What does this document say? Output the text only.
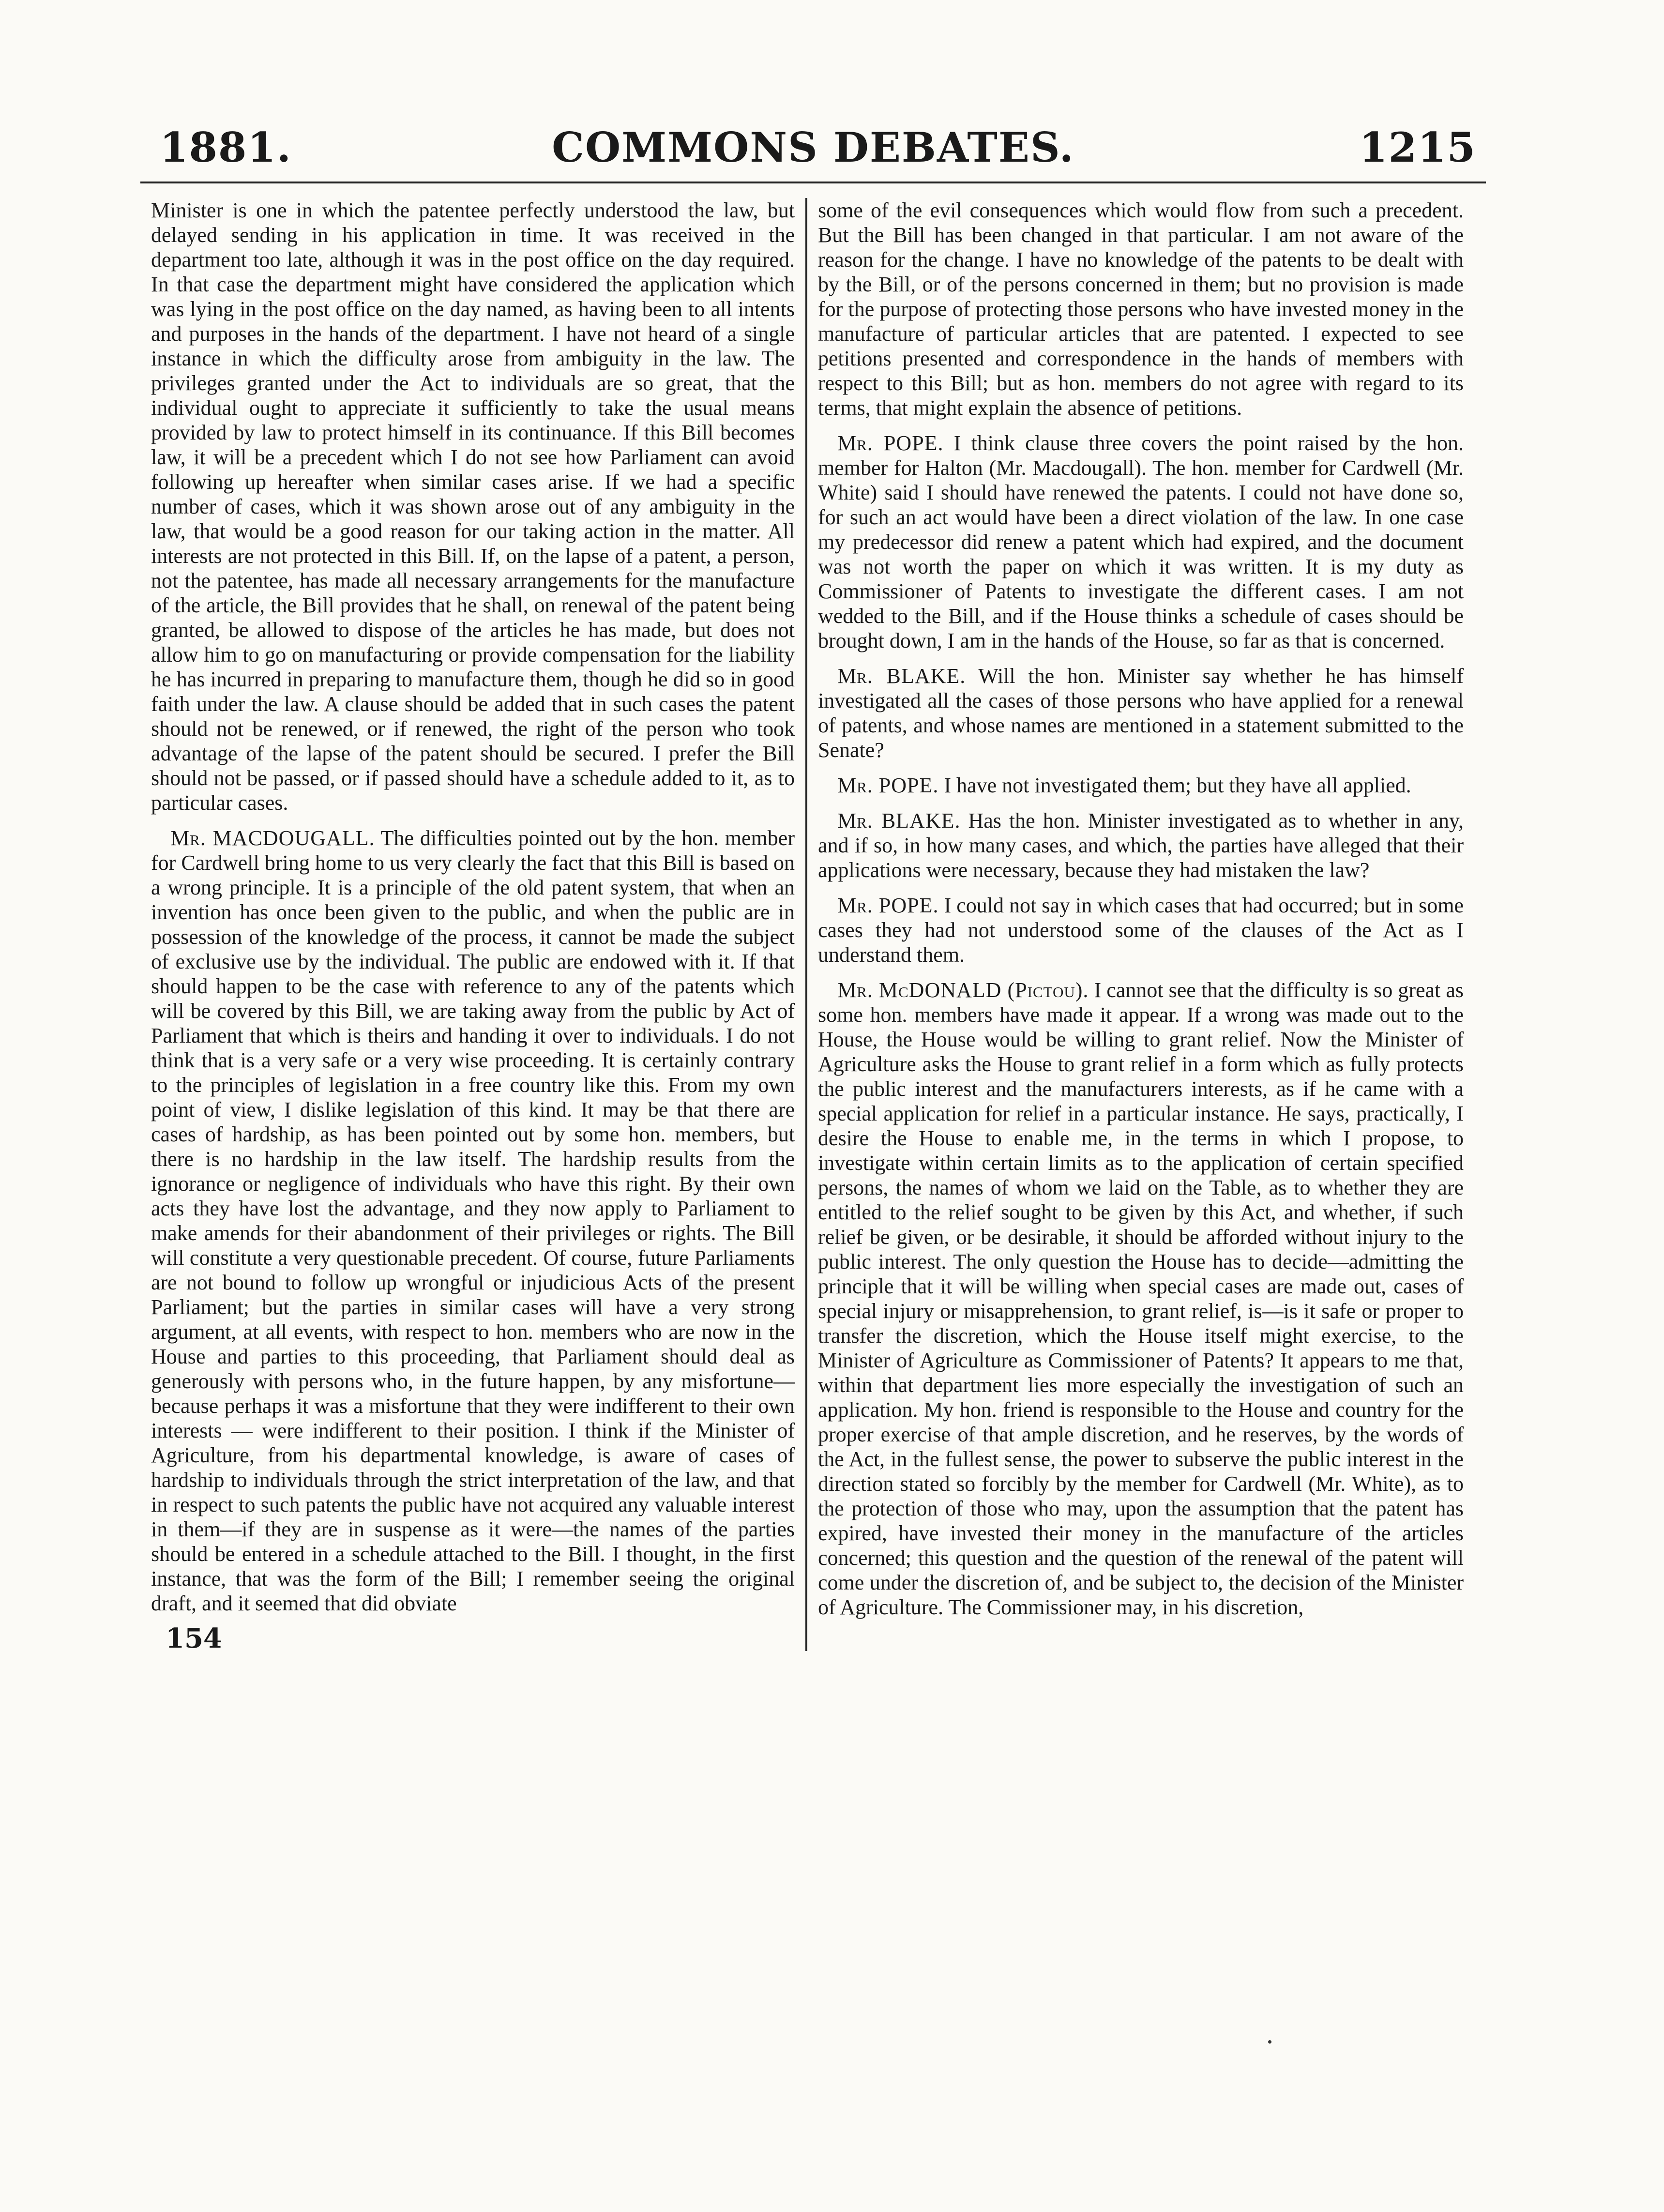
1881.	COMMONS DEBATES.	1215

Minister is one in which the patentee perfectly understood the law, but delayed sending in his application in time. It was received in the department too late, although it was in the post office on the day required. In that case the department might have considered the application which was lying in the post office on the day named, as having been to all intents and purposes in the hands of the department. I have not heard of a single instance in which the difficulty arose from ambiguity in the law. The privileges granted under the Act to individuals are so great, that the individual ought to appreciate it sufficiently to take the usual means provided by law to protect himself in its continuance. If this Bill becomes law, it will be a precedent which I do not see how Parliament can avoid following up hereafter when similar cases arise. If we had a specific number of cases, which it was shown arose out of any ambiguity in the law, that would be a good reason for our taking action in the matter. All interests are not protected in this Bill. If, on the lapse of a patent, a person, not the patentee, has made all necessary arrangements for the manufacture of the article, the Bill provides that he shall, on renewal of the patent being granted, be allowed to dispose of the articles he has made, but does not allow him to go on manufacturing or provide compensation for the liability he has incurred in preparing to manufacture them, though he did so in good faith under the law. A clause should be added that in such cases the patent should not be renewed, or if renewed, the right of the person who took advantage of the lapse of the patent should be secured. I prefer the Bill should not be passed, or if passed should have a schedule added to it, as to particular cases.

Mr. MACDOUGALL. The difficulties pointed out by the hon. member for Cardwell bring home to us very clearly the fact that this Bill is based on a wrong principle. It is a principle of the old patent system, that when an invention has once been given to the public, and when the public are in possession of the knowledge of the process, it cannot be made the subject of exclusive use by the individual. The public are endowed with it. If that should happen to be the case with reference to any of the patents which will be covered by this Bill, we are taking away from the public by Act of Parliament that which is theirs and handing it over to individuals. I do not think that is a very safe or a very wise proceeding. It is certainly contrary to the principles of legislation in a free country like this. From my own point of view, I dislike legislation of this kind. It may be that there are cases of hardship, as has been pointed out by some hon. members, but there is no hardship in the law itself. The hardship results from the ignorance or negligence of individuals who have this right. By their own acts they have lost the advantage, and they now apply to Parliament to make amends for their abandonment of their privileges or rights. The Bill will constitute a very questionable precedent. Of course, future Parliaments are not bound to follow up wrongful or injudicious Acts of the present Parliament; but the parties in similar cases will have a very strong argument, at all events, with respect to hon. members who are now in the House and parties to this proceeding, that Parliament should deal as generously with persons who, in the future happen, by any misfortune—because perhaps it was a misfortune that they were indifferent to their own interests — were indifferent to their position. I think if the Minister of Agriculture, from his departmental knowledge, is aware of cases of hardship to individuals through the strict interpretation of the law, and that in respect to such patents the public have not acquired any valuable interest in them—if they are in suspense as it were—the names of the parties should be entered in a schedule attached to the Bill. I thought, in the first instance, that was the form of the Bill; I remember seeing the original draft, and it seemed that did obviate

154

some of the evil consequences which would flow from such a precedent. But the Bill has been changed in that particular. I am not aware of the reason for the change. I have no knowledge of the patents to be dealt with by the Bill, or of the persons concerned in them; but no provision is made for the purpose of protecting those persons who have invested money in the manufacture of particular articles that are patented. I expected to see petitions presented and correspondence in the hands of members with respect to this Bill; but as hon. members do not agree with regard to its terms, that might explain the absence of petitions.

Mr. POPE. I think clause three covers the point raised by the hon. member for Halton (Mr. Macdougall). The hon. member for Cardwell (Mr. White) said I should have renewed the patents. I could not have done so, for such an act would have been a direct violation of the law. In one case my predecessor did renew a patent which had expired, and the document was not worth the paper on which it was written. It is my duty as Commissioner of Patents to investigate the different cases. I am not wedded to the Bill, and if the House thinks a schedule of cases should be brought down, I am in the hands of the House, so far as that is concerned.

Mr. BLAKE. Will the hon. Minister say whether he has himself investigated all the cases of those persons who have applied for a renewal of patents, and whose names are mentioned in a statement submitted to the Senate?

Mr. POPE. I have not investigated them; but they have all applied.

Mr. BLAKE. Has the hon. Minister investigated as to whether in any, and if so, in how many cases, and which, the parties have alleged that their applications were necessary, because they had mistaken the law?

Mr. POPE. I could not say in which cases that had occurred; but in some cases they had not understood some of the clauses of the Act as I understand them.

Mr. McDONALD (Pictou). I cannot see that the difficulty is so great as some hon. members have made it appear. If a wrong was made out to the House, the House would be willing to grant relief. Now the Minister of Agriculture asks the House to grant relief in a form which as fully protects the public interest and the manufacturers interests, as if he came with a special application for relief in a particular instance. He says, practically, I desire the House to enable me, in the terms in which I propose, to investigate within certain limits as to the application of certain specified persons, the names of whom we laid on the Table, as to whether they are entitled to the relief sought to be given by this Act, and whether, if such relief be given, or be desirable, it should be afforded without injury to the public interest. The only question the House has to decide—admitting the principle that it will be willing when special cases are made out, cases of special injury or misapprehension, to grant relief, is—is it safe or proper to transfer the discretion, which the House itself might exercise, to the Minister of Agriculture as Commissioner of Patents? It appears to me that, within that department lies more especially the investigation of such an application. My hon. friend is responsible to the House and country for the proper exercise of that ample discretion, and he reserves, by the words of the Act, in the fullest sense, the power to subserve the public interest in the direction stated so forcibly by the member for Cardwell (Mr. White), as to the protection of those who may, upon the assumption that the patent has expired, have invested their money in the manufacture of the articles concerned; this question and the question of the renewal of the patent will come under the discretion of, and be subject to, the decision of the Minister of Agriculture. The Commissioner may, in his discretion,
